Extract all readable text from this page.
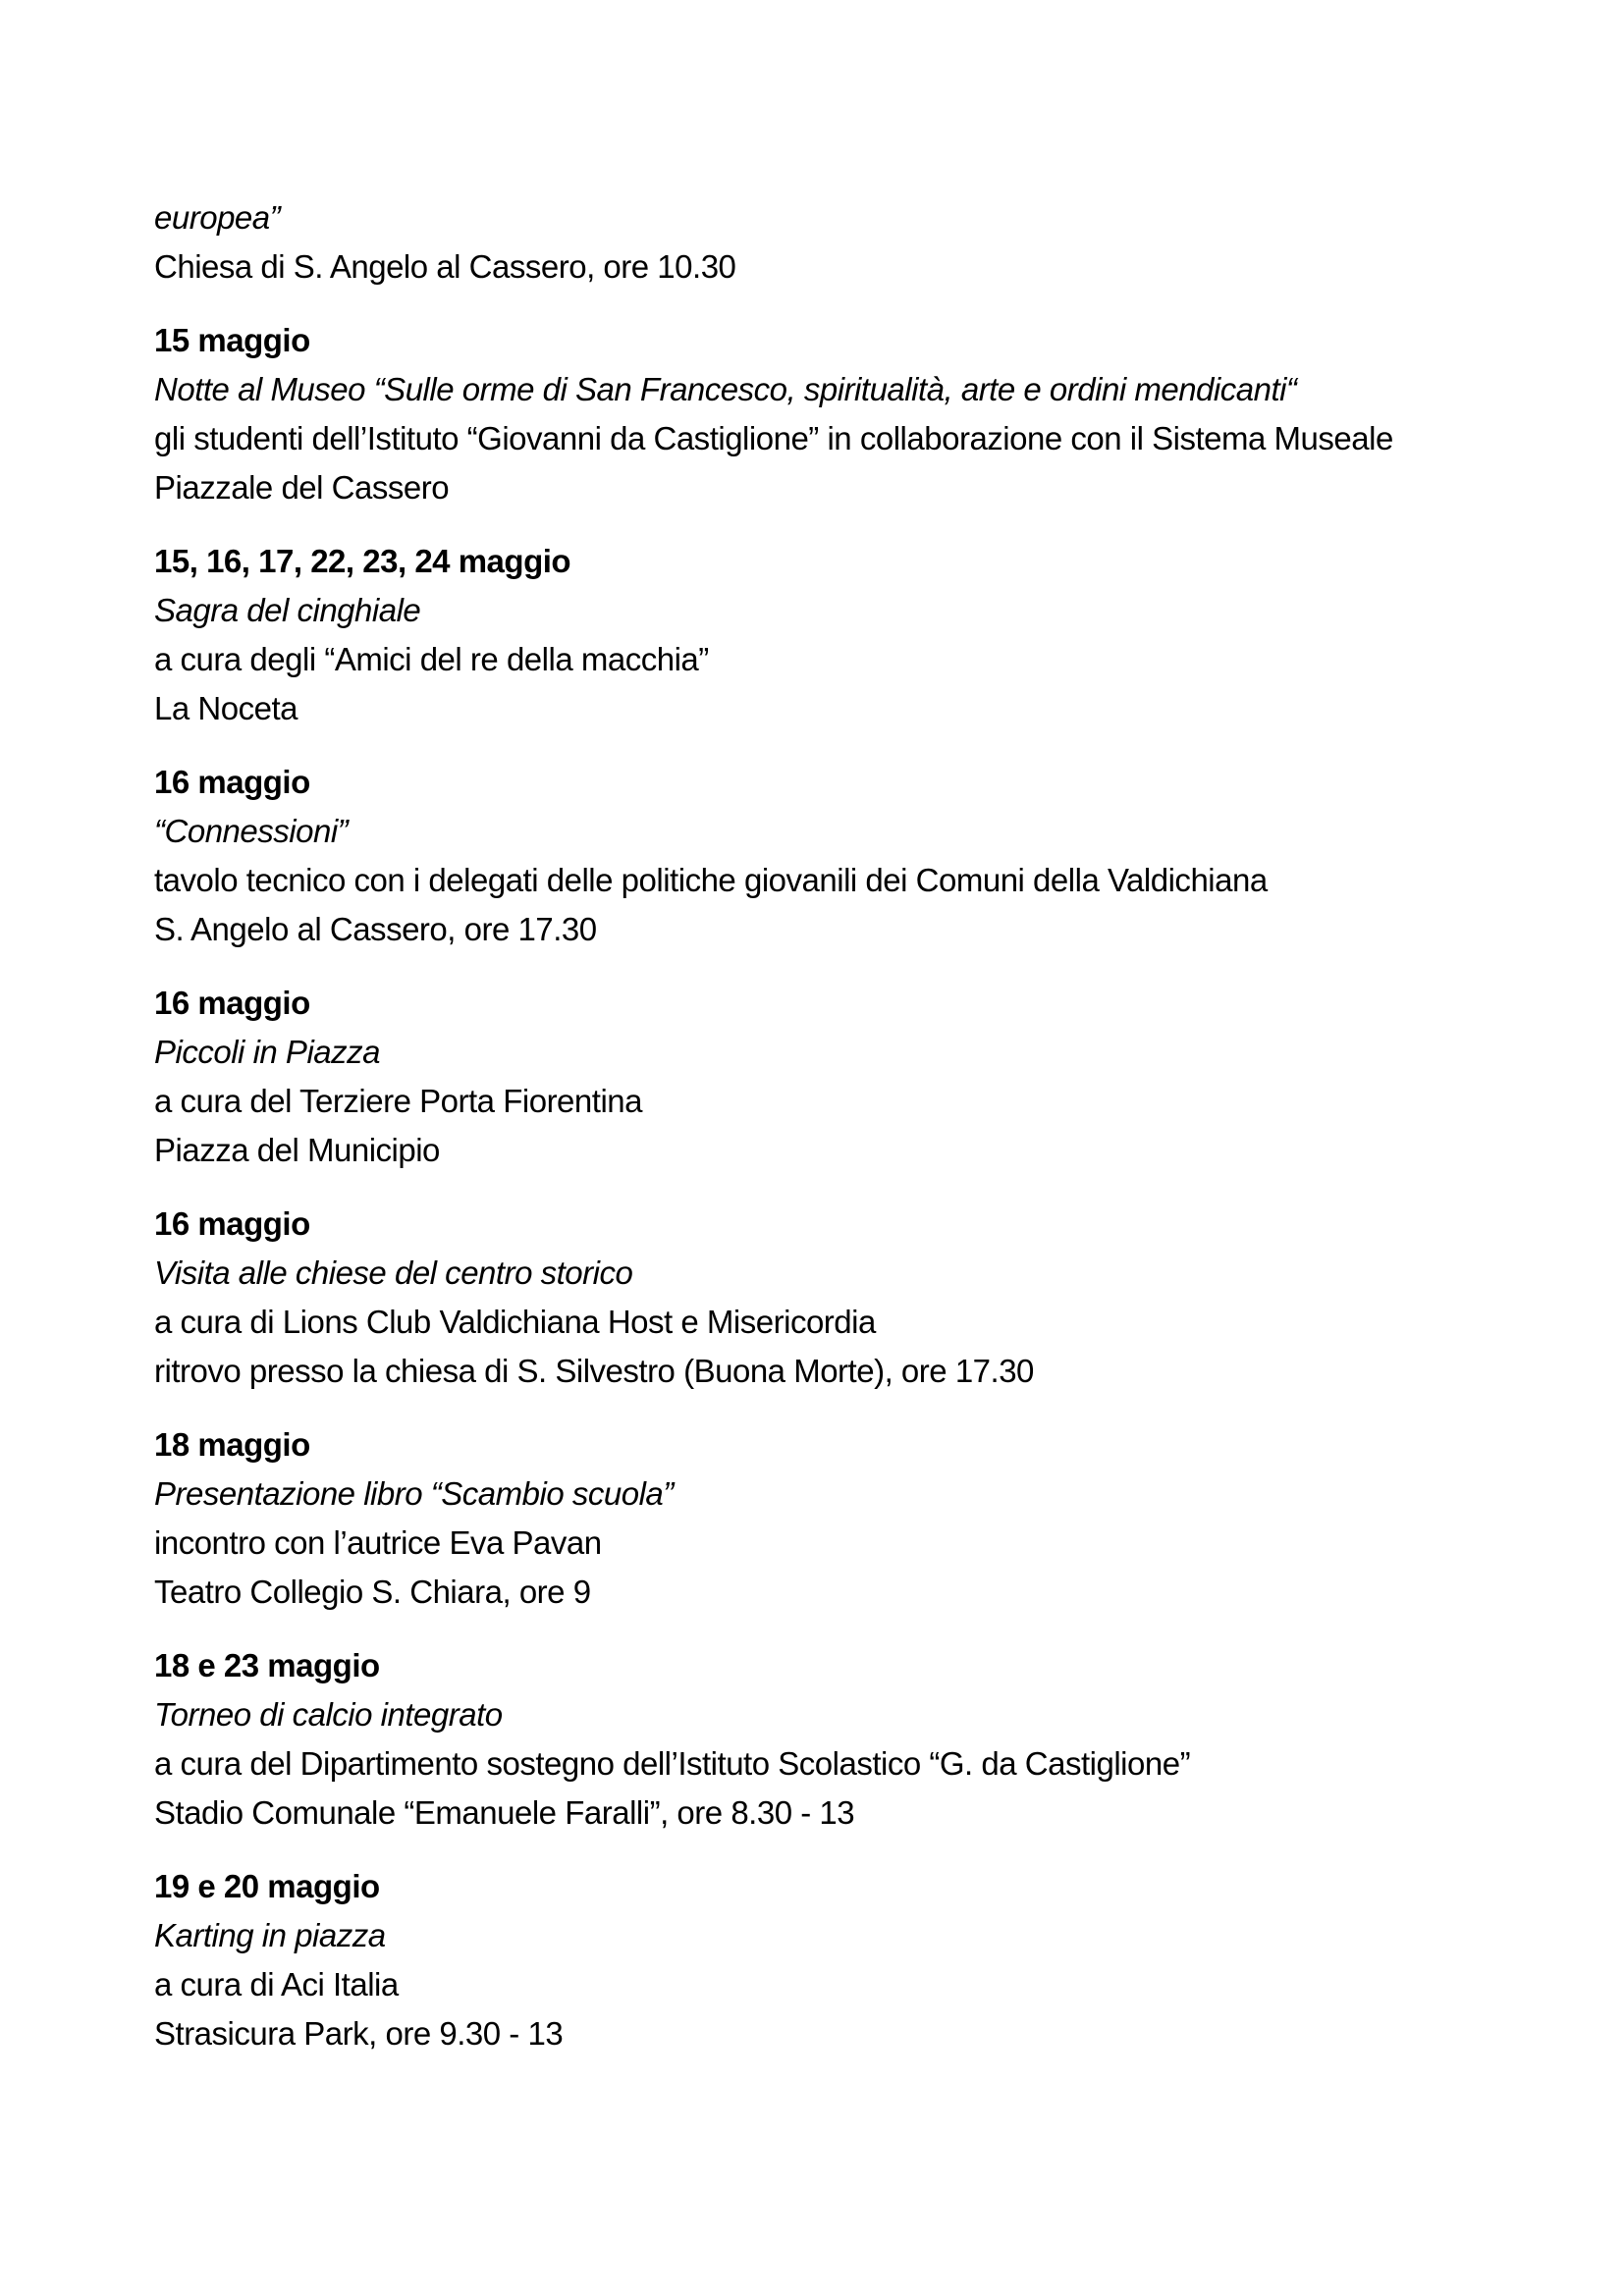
europea”

Chiesa di S. Angelo al Cassero, ore 10.30

15 maggio

Notte al Museo “Sulle orme di San Francesco, spiritualità, arte e ordini mendicanti“

gli studenti dell’Istituto “Giovanni da Castiglione” in collaborazione con il Sistema Museale

Piazzale del Cassero

15, 16, 17, 22, 23, 24 maggio

Sagra del cinghiale

a cura degli “Amici del re della macchia”

La Noceta

16 maggio

“Connessioni”

tavolo tecnico con i delegati delle politiche giovanili dei Comuni della Valdichiana

S. Angelo al Cassero, ore 17.30

16 maggio

Piccoli in Piazza

a cura del Terziere Porta Fiorentina

Piazza del Municipio

16 maggio

Visita alle chiese del centro storico

a cura di Lions Club Valdichiana Host e Misericordia

ritrovo presso la chiesa di S. Silvestro (Buona Morte), ore 17.30

18 maggio

Presentazione libro “Scambio scuola”

incontro con l’autrice Eva Pavan

Teatro Collegio S. Chiara, ore 9

18 e 23 maggio

Torneo di calcio integrato

a cura del Dipartimento sostegno dell’Istituto Scolastico “G. da Castiglione”

Stadio Comunale “Emanuele Faralli”, ore 8.30 - 13

19 e 20 maggio

Karting in piazza

a cura di Aci Italia

Strasicura Park, ore 9.30 - 13
